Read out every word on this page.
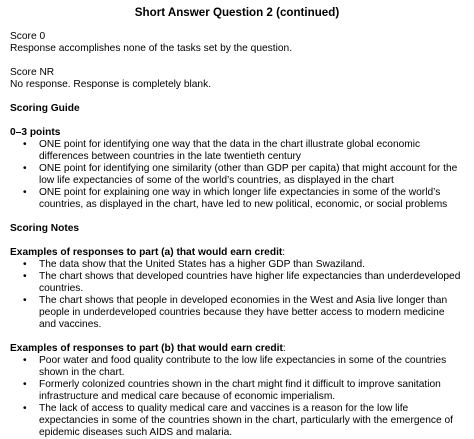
Short Answer Question 2 (continued)
Score 0
Response accomplishes none of the tasks set by the question.
Score NR
No response. Response is completely blank.
Scoring Guide
0–3 points
• ONE point for identifying one way that the data in the chart illustrate global economic differences between countries in the late twentieth century
• ONE point for identifying one similarity (other than GDP per capita) that might account for the low life expectancies of some of the world’s countries, as displayed in the chart
• ONE point for explaining one way in which longer life expectancies in some of the world’s countries, as displayed in the chart, have led to new political, economic, or social problems
Scoring Notes
Examples of responses to part (a) that would earn credit:
• The data show that the United States has a higher GDP than Swaziland.
• The chart shows that developed countries have higher life expectancies than underdeveloped countries.
• The chart shows that people in developed economies in the West and Asia live longer than people in underdeveloped countries because they have better access to modern medicine and vaccines.
Examples of responses to part (b) that would earn credit:
• Poor water and food quality contribute to the low life expectancies in some of the countries shown in the chart.
• Formerly colonized countries shown in the chart might find it difficult to improve sanitation infrastructure and medical care because of economic imperialism.
• The lack of access to quality medical care and vaccines is a reason for the low life expectancies in some of the countries shown in the chart, particularly with the emergence of epidemic diseases such AIDS and malaria.
